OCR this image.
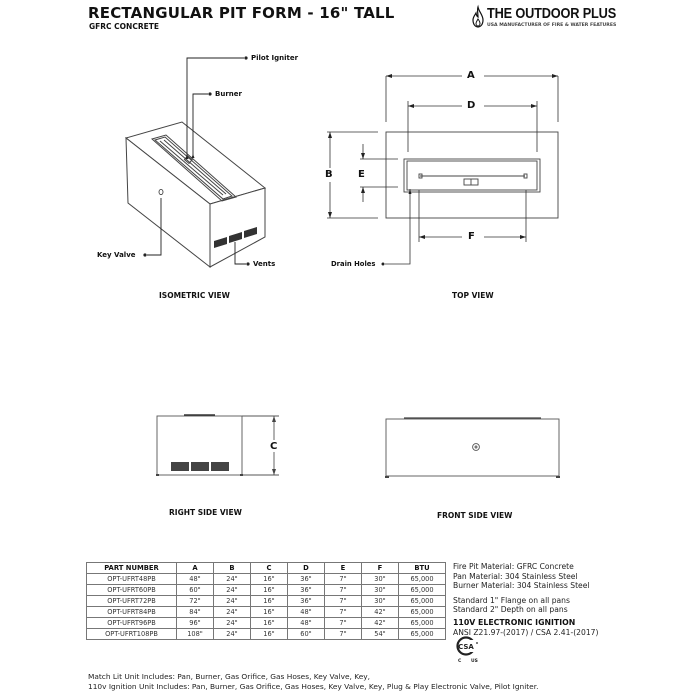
RECTANGULAR PIT FORM - 16" TALL
GFRC CONCRETE
THE OUTDOOR PLUS
USA MANUFACTURER OF FIRE & WATER FEATURES
Pilot Igniter
Burner
Key Valve
Vents
ISOMETRIC VIEW
A
D
B	E
F
Drain Holes
TOP VIEW
C
RIGHT SIDE VIEW	FRONT SIDE VIEW
PART NUMBER	A	B	C	D	E	F	BTU
OPT-UFRT48PB	48"	24"	16"	36"	7"	30"	65,000
OPT-UFRT60PB	60"	24"	16"	36"	7"	30"	65,000
OPT-UFRT72PB	72"	24"	16"	36"	7"	30"	65,000
OPT-UFRT84PB	84"	24"	16"	48"	7"	42"	65,000
OPT-UFRT96PB	96"	24"	16"	48"	7"	42"	65,000
OPT-UFRT108PB	108"	24"	16"	60"	7"	54"	65,000
Fire Pit Material: GFRC Concrete
Pan Material: 304 Stainless Steel
Burner Material: 304 Stainless Steel
Standard 1" Flange on all pans
Standard 2" Depth on all pans
110V ELECTRONIC IGNITION
ANSI Z21.97-(2017) / CSA 2.41-(2017)
CSA
C US
Match Lit Unit Includes: Pan, Burner, Gas Orifice, Gas Hoses, Key Valve, Key,
110v Ignition Unit Includes: Pan, Burner, Gas Orifice, Gas Hoses, Key Valve, Key, Plug & Play Electronic Valve, Pilot Igniter.
